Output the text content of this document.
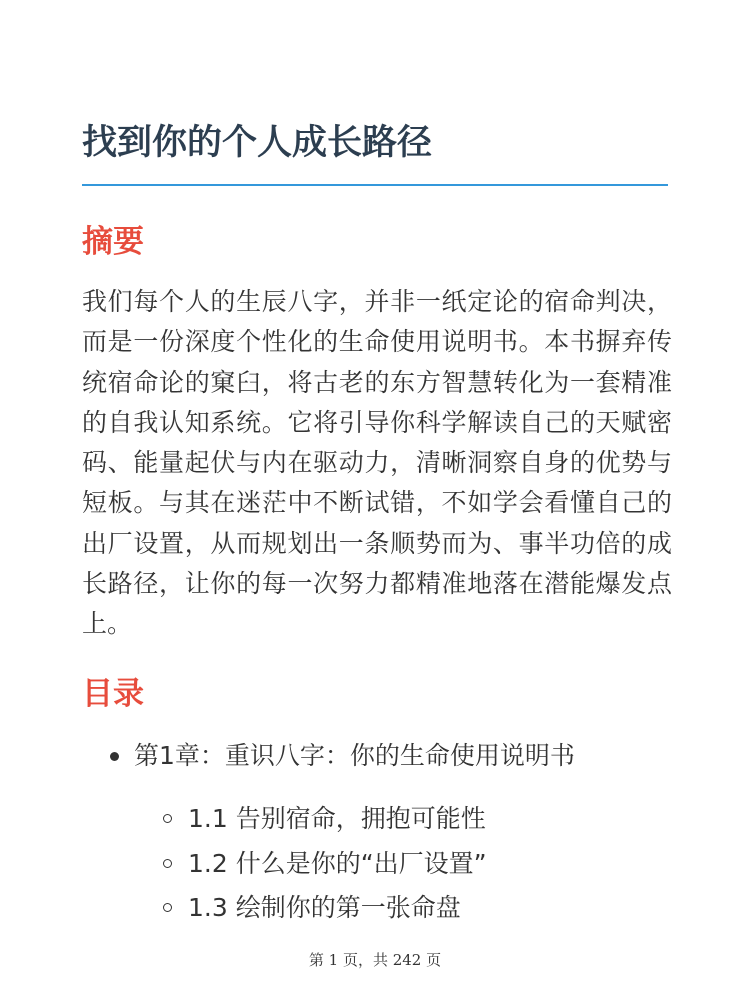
找到你的个人成长路径
摘要

我们每个人的生辰八字，并非一纸定论的宿命判决，而是一份深度个性化的生命使用说明书。本书摒弃传统宿命论的窠臼，将古老的东方智慧转化为一套精准的自我认知系统。它将引导你科学解读自己的天赋密码、能量起伏与内在驱动力，清晰洞察自身的优势与短板。与其在迷茫中不断试错，不如学会看懂自己的出厂设置，从而规划出一条顺势而为、事半功倍的成长路径，让你的每一次努力都精准地落在潜能爆发点上。

目录
第1章：重识八字：你的生命使用说明书
1.1 告别宿命，拥抱可能性
1.2 什么是你的“出厂设置”
1.3 绘制你的第一张命盘
第 1 页，共 242 页
